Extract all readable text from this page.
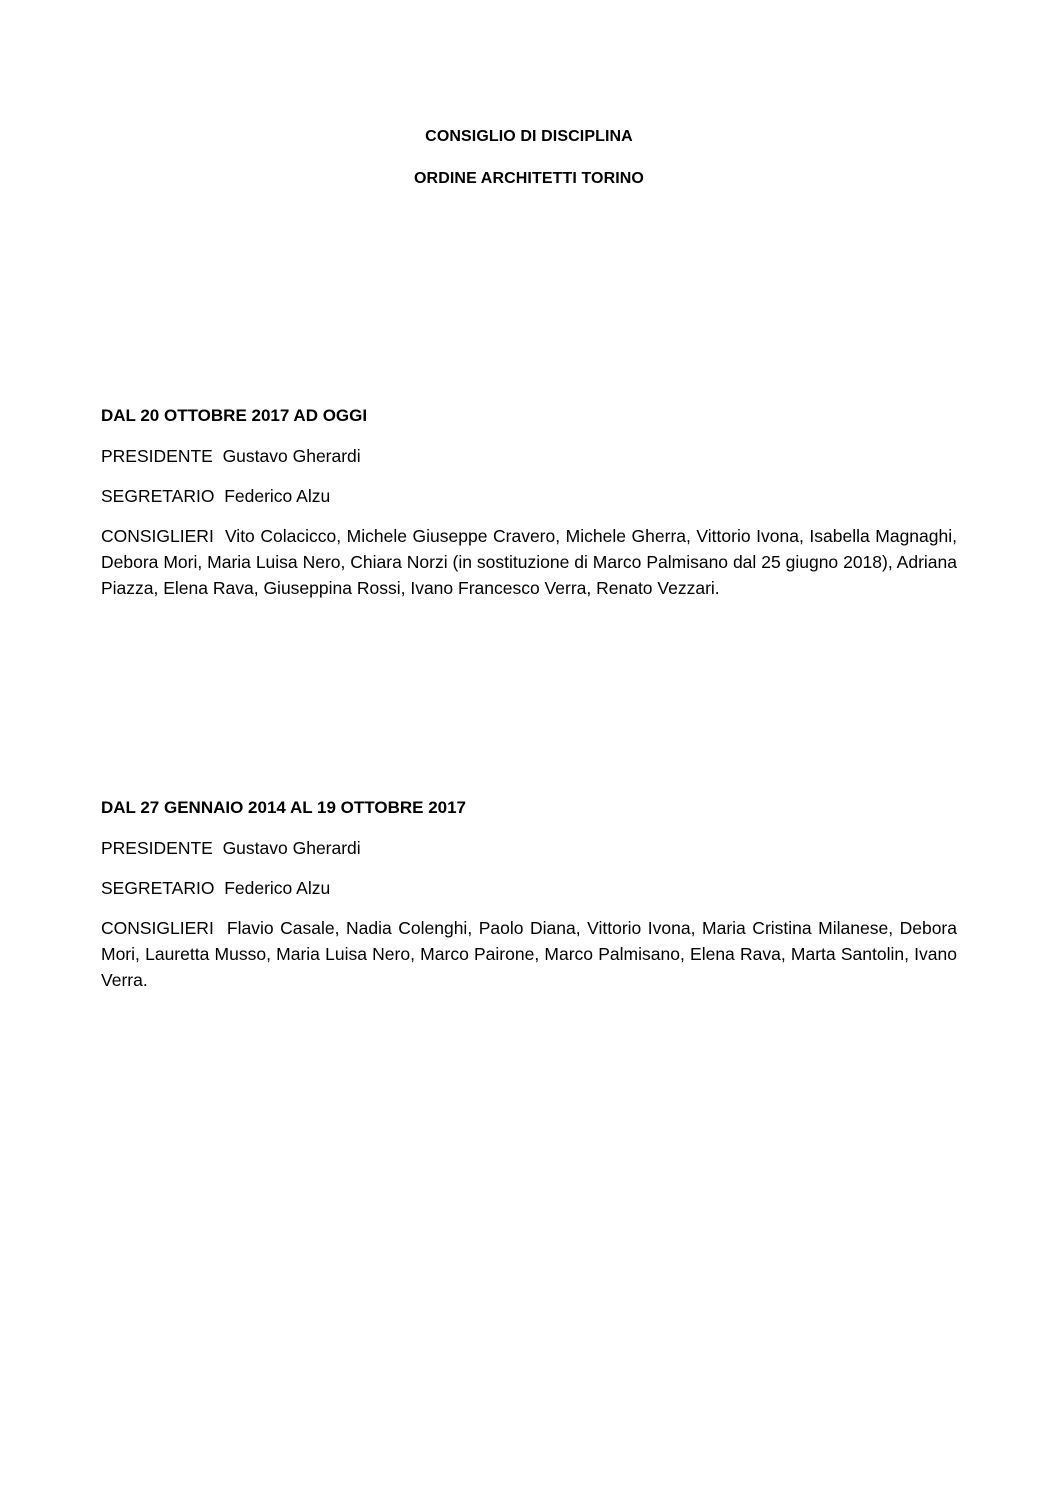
CONSIGLIO DI DISCIPLINA
ORDINE ARCHITETTI TORINO
DAL 20 OTTOBRE 2017 AD OGGI
PRESIDENTE Gustavo Gherardi
SEGRETARIO Federico Alzu

CONSIGLIERI Vito Colacicco, Michele Giuseppe Cravero, Michele Gherra, Vittorio Ivona, Isabella Magnaghi, Debora Mori, Maria Luisa Nero, Chiara Norzi (in sostituzione di Marco Palmisano dal 25 giugno 2018), Adriana Piazza, Elena Rava, Giuseppina Rossi, Ivano Francesco Verra, Renato Vezzari.

DAL 27 GENNAIO 2014 AL 19 OTTOBRE 2017
PRESIDENTE Gustavo Gherardi
SEGRETARIO Federico Alzu

CONSIGLIERI Flavio Casale, Nadia Colenghi, Paolo Diana, Vittorio Ivona, Maria Cristina Milanese, Debora Mori, Lauretta Musso, Maria Luisa Nero, Marco Pairone, Marco Palmisano, Elena Rava, Marta Santolin, Ivano Verra.
